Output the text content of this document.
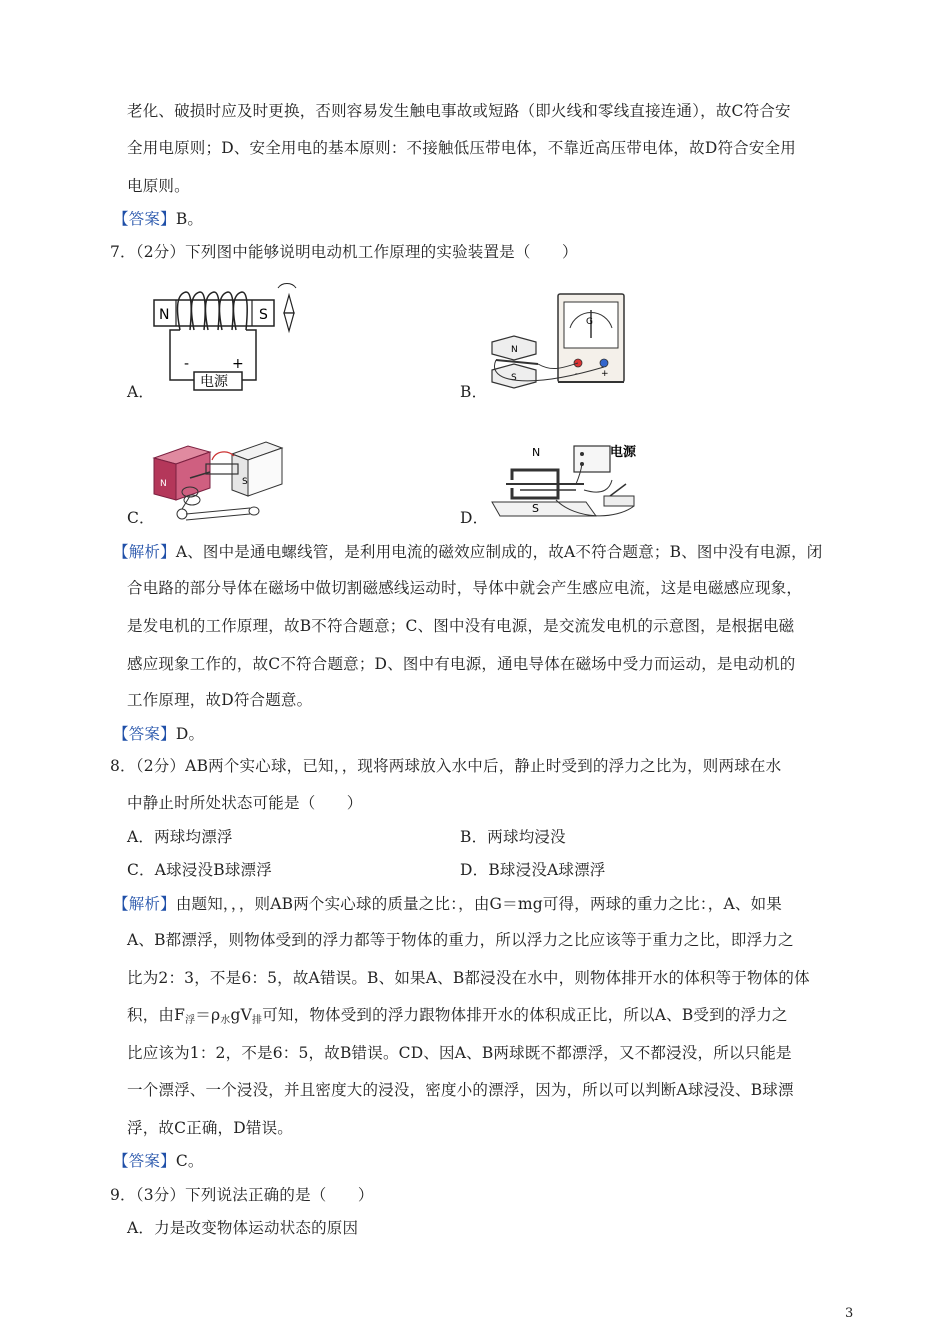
老化、破损时应及时更换，否则容易发生触电事故或短路（即火线和零线直接连通），故C符合安
全用电原则；D、安全用电的基本原则：不接触低压带电体，不靠近高压带电体，故D符合安全用
电原则。
【答案】B。
7．（2分）下列图中能够说明电动机工作原理的实验装置是（　　）
A．	B．
C．	D．
N	S
电源
-	+
G
-	+
N
S
N	S
N	电源
S
【解析】A、图中是通电螺线管，是利用电流的磁效应制成的，故A不符合题意；B、图中没有电源，闭
合电路的部分导体在磁场中做切割磁感线运动时，导体中就会产生感应电流，这是电磁感应现象，
是发电机的工作原理，故B不符合题意；C、图中没有电源，是交流发电机的示意图，是根据电磁
感应现象工作的，故C不符合题意；D、图中有电源，通电导体在磁场中受力而运动，是电动机的
工作原理，故D符合题意。
【答案】D。
8．（2分）AB两个实心球，已知，，现将两球放入水中后，静止时受到的浮力之比为，则两球在水
中静止时所处状态可能是（　　）
A．两球均漂浮	B．两球均浸没
C．A球浸没B球漂浮	D．B球浸没A球漂浮
【解析】由题知，，，则AB两个实心球的质量之比：，由G＝mg可得，两球的重力之比：，A、如果
A、B都漂浮，则物体受到的浮力都等于物体的重力，所以浮力之比应该等于重力之比，即浮力之
比为2：3，不是6：5，故A错误。B、如果A、B都浸没在水中，则物体排开水的体积等于物体的体
积，由F浮＝ρ水gV排可知，物体受到的浮力跟物体排开水的体积成正比，所以A、B受到的浮力之
比应该为1：2，不是6：5，故B错误。CD、因A、B两球既不都漂浮，又不都浸没，所以只能是
一个漂浮、一个浸没，并且密度大的浸没，密度小的漂浮，因为，所以可以判断A球浸没、B球漂
浮，故C正确，D错误。
【答案】C。
9．（3分）下列说法正确的是（　　）
A．力是改变物体运动状态的原因
3
